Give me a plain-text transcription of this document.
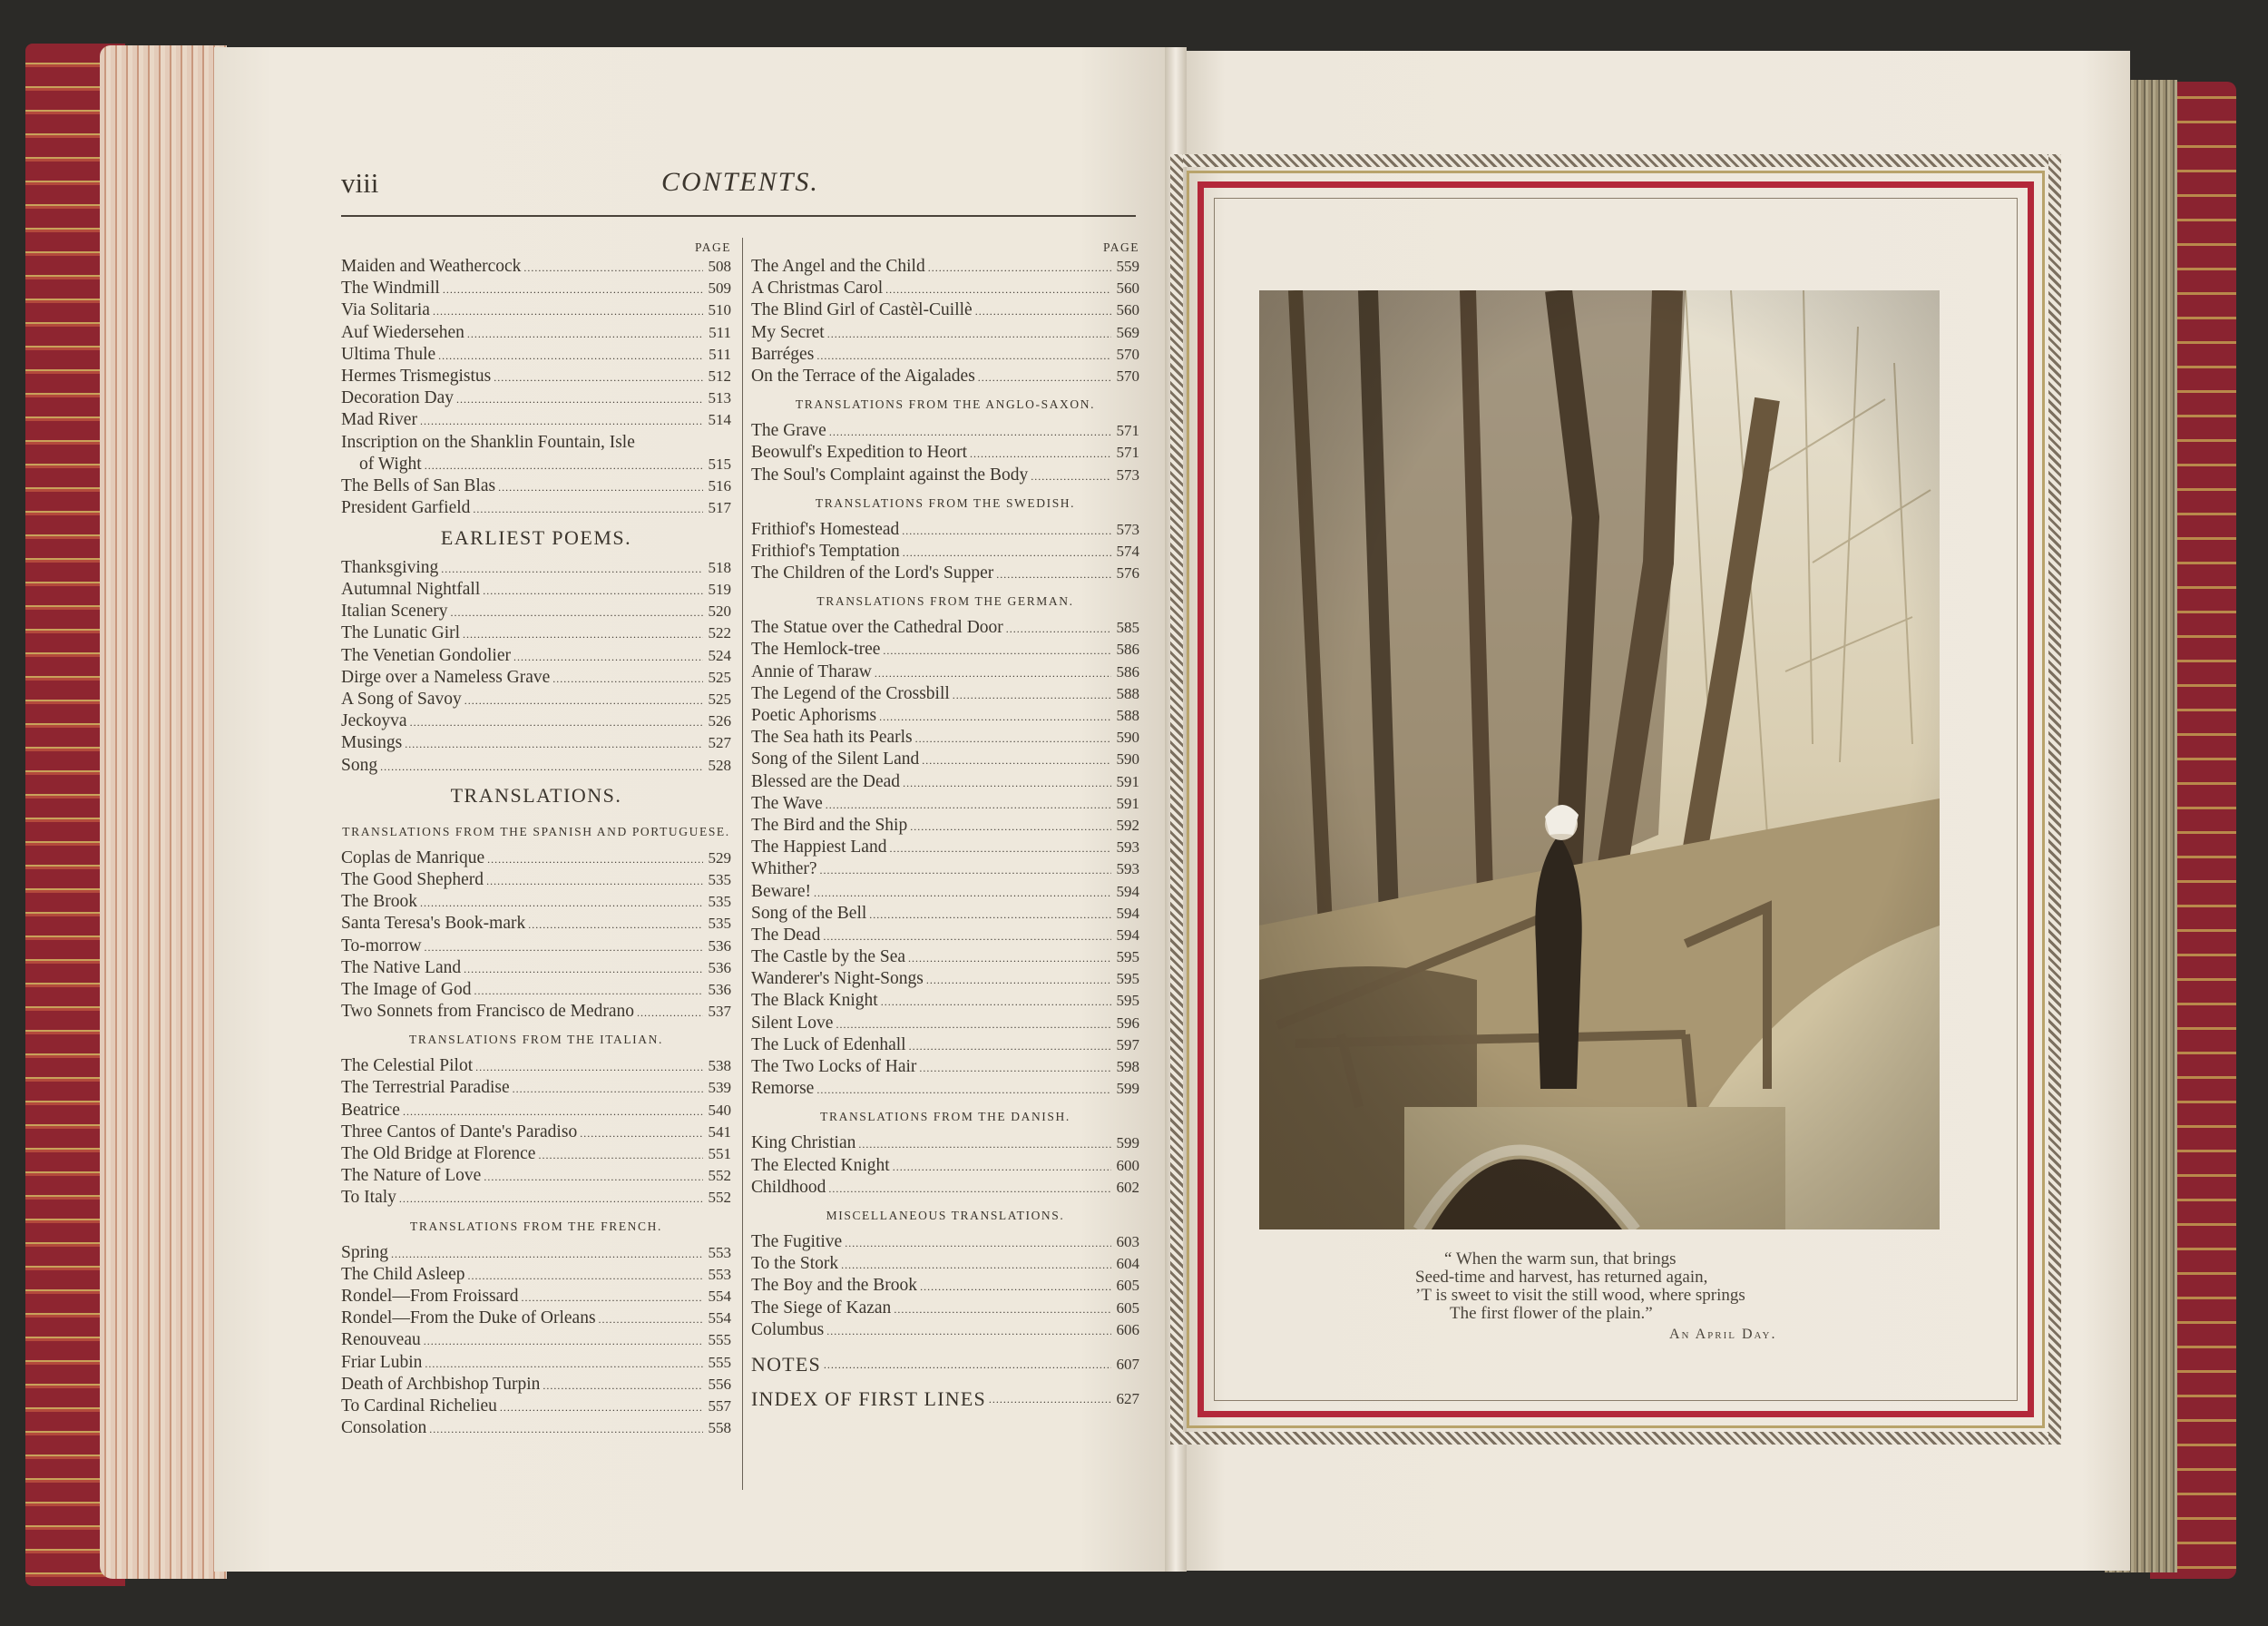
viii	CONTENTS.
PAGE
Maiden and Weathercock . . .	508
The Windmill . . .	509
Via Solitaria . . .	510
Auf Wiedersehen . . .	511
Ultima Thule . . .	511
Hermes Trismegistus . . .	512
Decoration Day . . .	513
Mad River . . .	514
Inscription on the Shanklin Fountain, Isle
of Wight . . .	515
The Bells of San Blas . . .	516
President Garfield . . .	517
EARLIEST POEMS.
Thanksgiving . . .	518
Autumnal Nightfall . . .	519
Italian Scenery . . .	520
The Lunatic Girl . . .	522
The Venetian Gondolier . . .	524
Dirge over a Nameless Grave . . .	525
A Song of Savoy . . .	525
Jeckoyva . . .	526
Musings . . .	527
Song . . .	528
TRANSLATIONS.
TRANSLATIONS FROM THE SPANISH AND PORTUGUESE.
Coplas de Manrique . . .	529
The Good Shepherd . . .	535
The Brook . . .	535
Santa Teresa's Book-mark . . .	535
To-morrow . . .	536
The Native Land . . .	536
The Image of God . . .	536
Two Sonnets from Francisco de Medrano . . .	537
TRANSLATIONS FROM THE ITALIAN.
The Celestial Pilot . . .	538
The Terrestrial Paradise . . .	539
Beatrice . . .	540
Three Cantos of Dante's Paradiso . . .	541
The Old Bridge at Florence . . .	551
The Nature of Love . . .	552
To Italy . . .	552
TRANSLATIONS FROM THE FRENCH.
Spring . . .	553
The Child Asleep . . .	553
Rondel—From Froissard . . .	554
Rondel—From the Duke of Orleans . . .	554
Renouveau . . .	555
Friar Lubin . . .	555
Death of Archbishop Turpin . . .	556
To Cardinal Richelieu . . .	557
Consolation . . .	558
PAGE
The Angel and the Child . . .	559
A Christmas Carol . . .	560
The Blind Girl of Castèl-Cuillè . . .	560
My Secret . . .	569
Barréges . . .	570
On the Terrace of the Aigalades . . .	570
TRANSLATIONS FROM THE ANGLO-SAXON.
The Grave . . .	571
Beowulf's Expedition to Heort . . .	571
The Soul's Complaint against the Body . . .	573
TRANSLATIONS FROM THE SWEDISH.
Frithiof's Homestead . . .	573
Frithiof's Temptation . . .	574
The Children of the Lord's Supper . . .	576
TRANSLATIONS FROM THE GERMAN.
The Statue over the Cathedral Door . . .	585
The Hemlock-tree . . .	586
Annie of Tharaw . . .	586
The Legend of the Crossbill . . .	588
Poetic Aphorisms . . .	588
The Sea hath its Pearls . . .	590
Song of the Silent Land . . .	590
Blessed are the Dead . . .	591
The Wave . . .	591
The Bird and the Ship . . .	592
The Happiest Land . . .	593
Whither? . . .	593
Beware! . . .	594
Song of the Bell . . .	594
The Dead . . .	594
The Castle by the Sea . . .	595
Wanderer's Night-Songs . . .	595
The Black Knight . . .	595
Silent Love . . .	596
The Luck of Edenhall . . .	597
The Two Locks of Hair . . .	598
Remorse . . .	599
TRANSLATIONS FROM THE DANISH.
King Christian . . .	599
The Elected Knight . . .	600
Childhood . . .	602
MISCELLANEOUS TRANSLATIONS.
The Fugitive . . .	603
To the Stork . . .	604
The Boy and the Brook . . .	605
The Siege of Kazan . . .	605
Columbus . . .	606
NOTES . . .	607
INDEX OF FIRST LINES . . .	627
“ When the warm sun, that brings
Seed-time and harvest, has returned again,
’T is sweet to visit the still wood, where springs
The first flower of the plain.”
An April Day.
